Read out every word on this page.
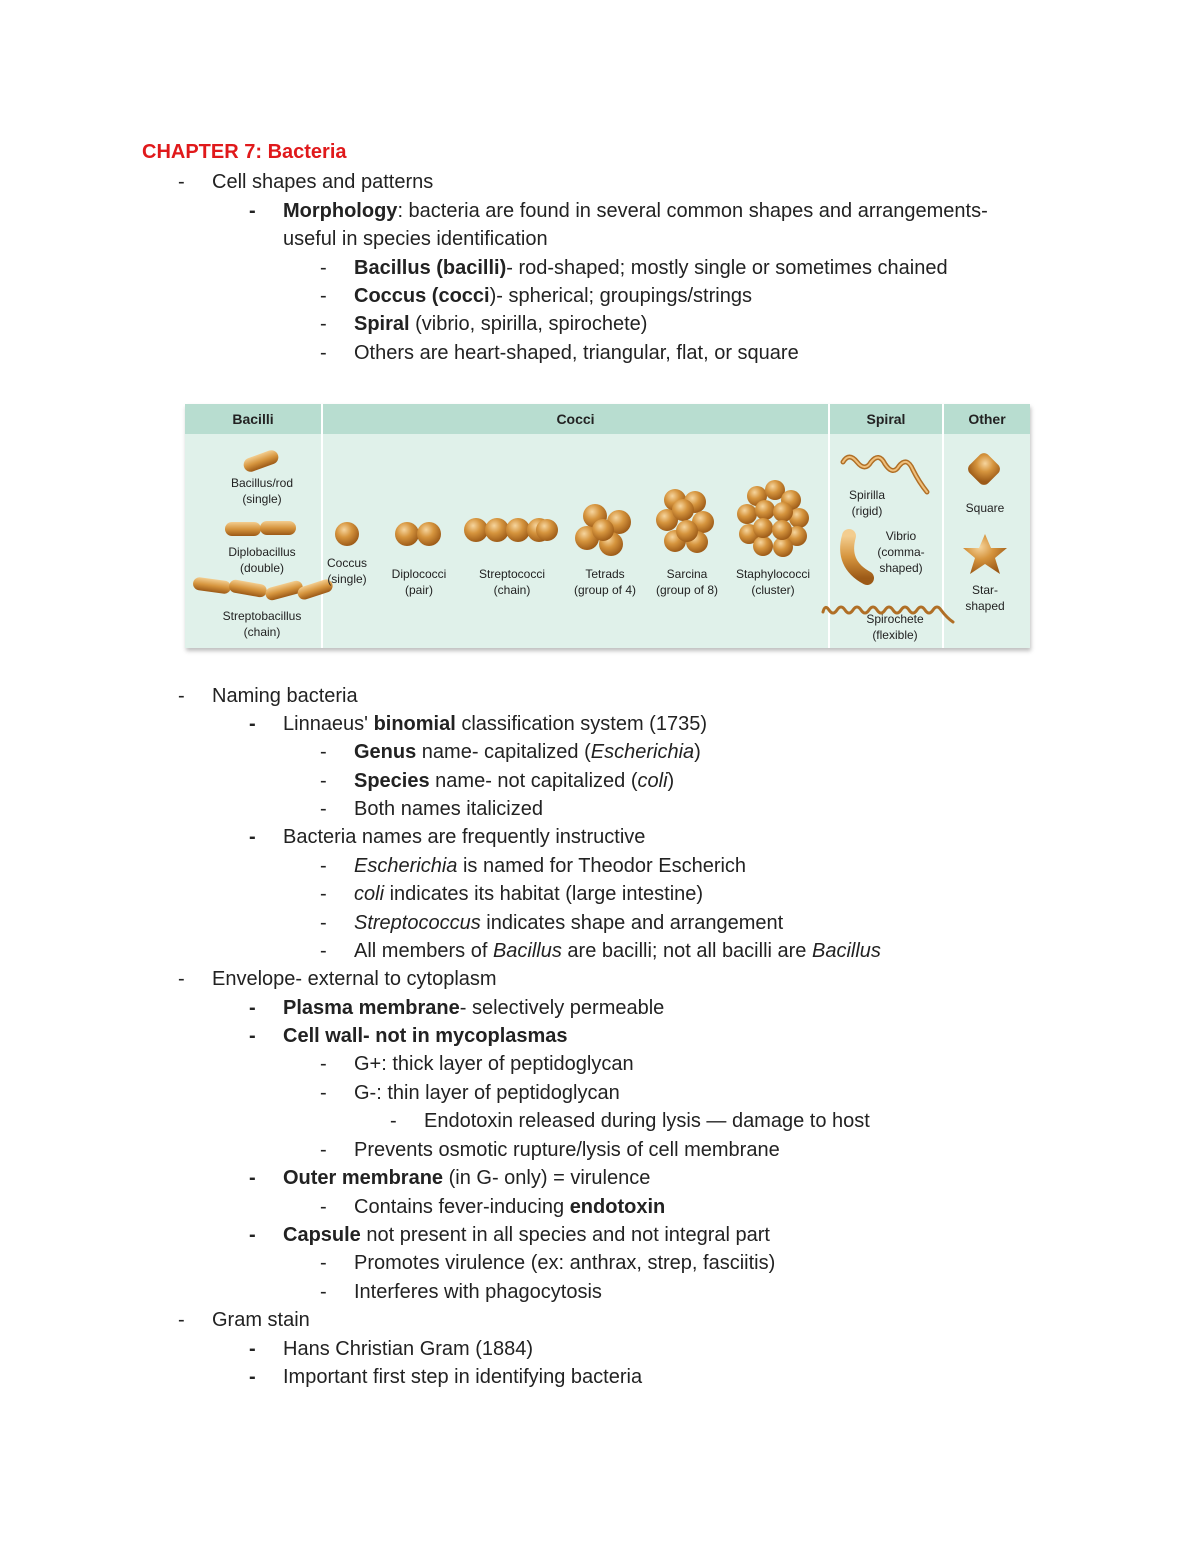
CHAPTER 7: Bacteria
- Cell shapes and patterns
- Morphology: bacteria are found in several common shapes and arrangements-
useful in species identification
- Bacillus (bacilli)- rod-shaped; mostly single or sometimes chained
- Coccus (cocci)- spherical; groupings/strings
- Spiral (vibrio, spirilla, spirochete)
- Others are heart-shaped, triangular, flat, or square
Bacilli	Cocci	Spiral	Other
Bacillus/rod
(single)
Diplobacillus
(double)
Streptobacillus
(chain)
Coccus
(single)	Diplococci
(pair)
Streptococci
(chain)
Tetrads
(group of 4)
Sarcina
(group of 8)
Staphylococci
(cluster)
Spirilla
(rigid)
Vibrio
(comma-
shaped)
Spirochete
(flexible)
Square
Star-
shaped
- Naming bacteria
- Linnaeus' binomial classification system (1735)
- Genus name- capitalized (Escherichia)
- Species name- not capitalized (coli)
- Both names italicized
- Bacteria names are frequently instructive
- Escherichia is named for Theodor Escherich
- coli indicates its habitat (large intestine)
- Streptococcus indicates shape and arrangement
- All members of Bacillus are bacilli; not all bacilli are Bacillus
- Envelope- external to cytoplasm
- Plasma membrane- selectively permeable
- Cell wall- not in mycoplasmas
- G+: thick layer of peptidoglycan
- G-: thin layer of peptidoglycan
- Endotoxin released during lysis — damage to host
- Prevents osmotic rupture/lysis of cell membrane
- Outer membrane (in G- only) = virulence
- Contains fever-inducing endotoxin
- Capsule not present in all species and not integral part
- Promotes virulence (ex: anthrax, strep, fasciitis)
- Interferes with phagocytosis
- Gram stain
- Hans Christian Gram (1884)
- Important first step in identifying bacteria
